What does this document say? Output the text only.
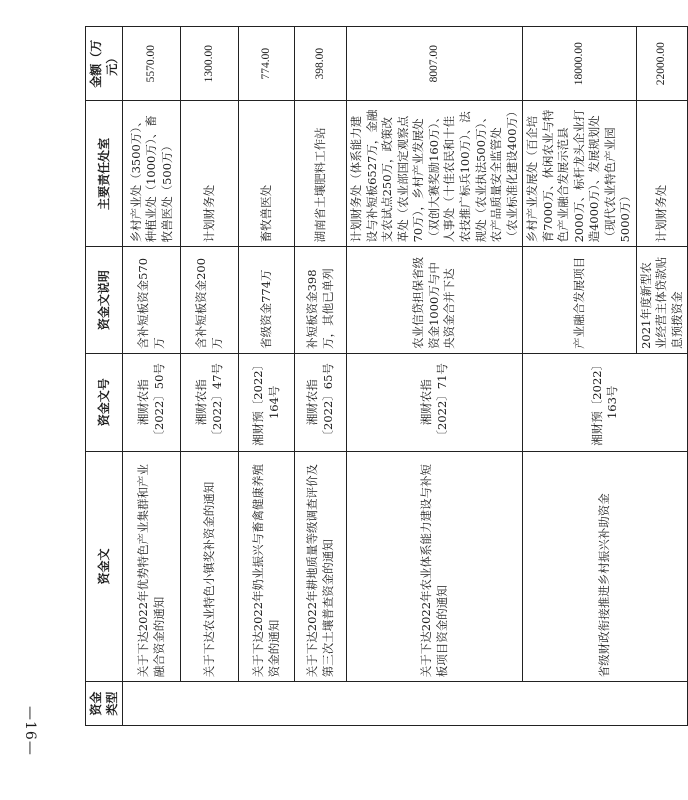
—16—
资金类型	资金文	资金文号	资金文说明	主要责任处室	金额（万元）
	关于下达2022年优势特色产业集群和产业融合资金的通知	湘财农指〔2022〕50号	含补短板资金570万	乡村产业处（3500万）、种植业处（1000万）、畜牧兽医处（500万）	5570.00
	关于下达农业特色小镇奖补资金的通知	湘财农指〔2022〕47号	含补短板资金200万	计划财务处	1300.00
	关于下达2022年奶业振兴与畜禽健康养殖资金的通知	湘财预〔2022〕164号	省级资金774万	畜牧兽医处	774.00
	关于下达2022年耕地质量等级调查评价及第三次土壤普查资金的通知	湘财农指〔2022〕65号	补短板资金398万，其他已单列	湖南省土壤肥料工作站	398.00
	关于下达2022年农业体系能力建设与补短板项目资金的通知	湘财农指〔2022〕71号	农业信贷担保省级资金1000万与中央资金合并下达	计划财务处（体系能力建设与补短板6527万，金融支农试点250万，政策改革处（农业部国定观察点70万），乡村产业发展处（双创大赛奖励160万）、人事处（十佳农民和十佳农技推广标兵100万）、法规处（农业执法500万）、农产品质量安全监管处（农业标准化建设400万）	8007.00
	省级财政衔接推进乡村振兴补助资金	湘财预〔2022〕163号	产业融合发展项目	乡村产业发展处（百企培育7000万、休闲农业与特色产业融合发展示范县2000万、标杆龙头企业打造4000万）、发展规划处（现代农业特色产业园5000万）	18000.00
			2021年度新型农业经营主体贷款贴息预拨资金	计划财务处	22000.00
